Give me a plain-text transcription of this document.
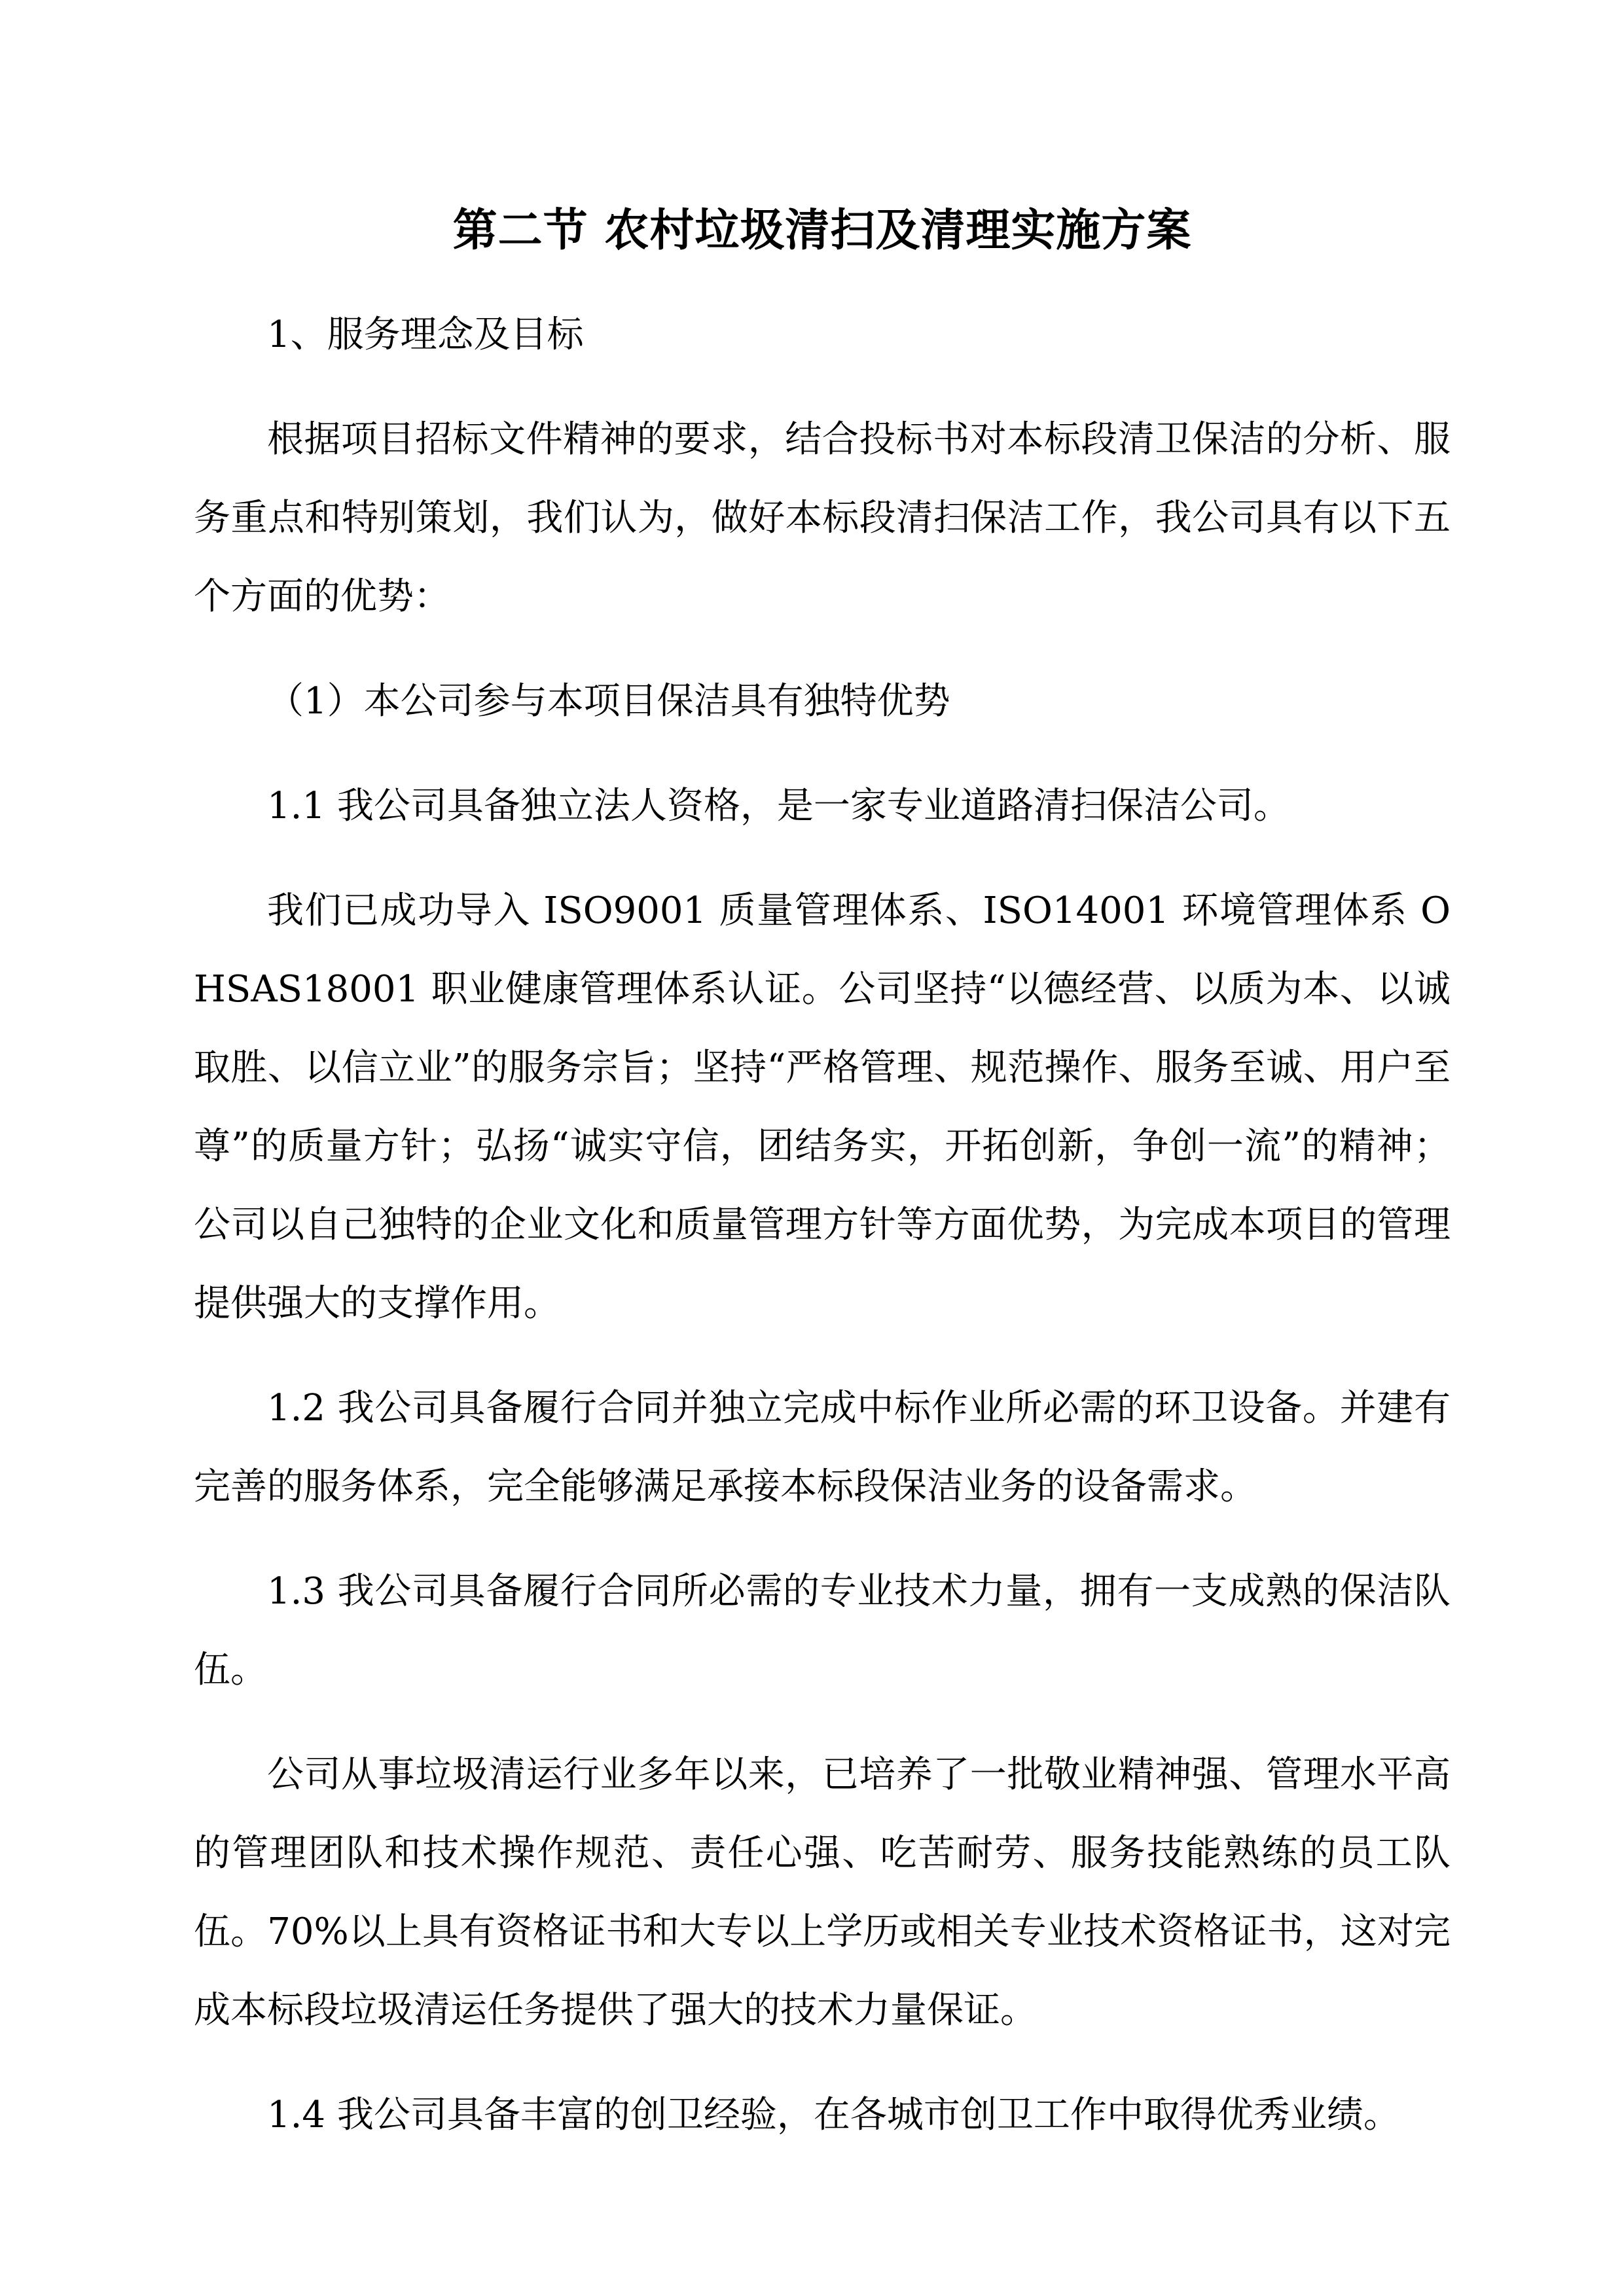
第二节 农村垃圾清扫及清理实施方案

1、服务理念及目标

根据项目招标文件精神的要求，结合投标书对本标段清卫保洁的分析、服务重点和特别策划，我们认为，做好本标段清扫保洁工作，我公司具有以下五个方面的优势：

（1）本公司参与本项目保洁具有独特优势

1.1 我公司具备独立法人资格，是一家专业道路清扫保洁公司。

我们已成功导入 ISO9001 质量管理体系、ISO14001 环境管理体系 OHSAS18001 职业健康管理体系认证。公司坚持“以德经营、以质为本、以诚取胜、以信立业”的服务宗旨；坚持“严格管理、规范操作、服务至诚、用户至尊”的质量方针；弘扬“诚实守信，团结务实，开拓创新，争创一流”的精神；公司以自己独特的企业文化和质量管理方针等方面优势，为完成本项目的管理提供强大的支撑作用。

1.2 我公司具备履行合同并独立完成中标作业所必需的环卫设备。并建有完善的服务体系，完全能够满足承接本标段保洁业务的设备需求。

1.3 我公司具备履行合同所必需的专业技术力量，拥有一支成熟的保洁队伍。

公司从事垃圾清运行业多年以来，已培养了一批敬业精神强、管理水平高的管理团队和技术操作规范、责任心强、吃苦耐劳、服务技能熟练的员工队伍。70%以上具有资格证书和大专以上学历或相关专业技术资格证书，这对完成本标段垃圾清运任务提供了强大的技术力量保证。

1.4 我公司具备丰富的创卫经验，在各城市创卫工作中取得优秀业绩。
